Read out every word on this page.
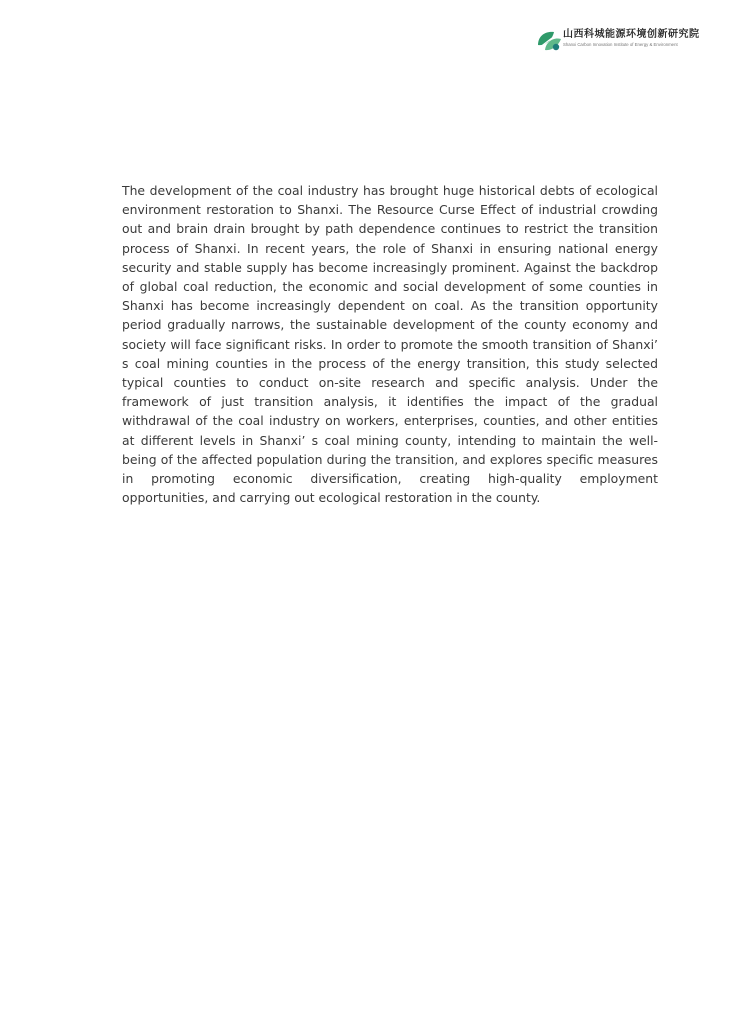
山西科城能源环境创新研究院
Shanxi Carbon Innovation Institute of Energy & Environment

The development of the coal industry has brought huge historical debts of ecological environment restoration to Shanxi. The Resource Curse Effect of industrial crowding out and brain drain brought by path dependence continues to restrict the transition process of Shanxi. In recent years, the role of Shanxi in ensuring national energy security and stable supply has become increasingly prominent. Against the backdrop of global coal reduction, the economic and social development of some counties in Shanxi has become increasingly dependent on coal. As the transition opportunity period gradually narrows, the sustainable development of the county economy and society will face significant risks. In order to promote the smooth transition of Shanxi’ s coal mining counties in the process of the energy transition, this study selected typical counties to conduct on-site research and specific analysis. Under the framework of just transition analysis, it identifies the impact of the gradual withdrawal of the coal industry on workers, enterprises, counties, and other entities at different levels in Shanxi’ s coal mining county, intending to maintain the well-being of the affected population during the transition, and explores specific measures in promoting economic diversification, creating high-quality employment opportunities, and carrying out ecological restoration in the county.
